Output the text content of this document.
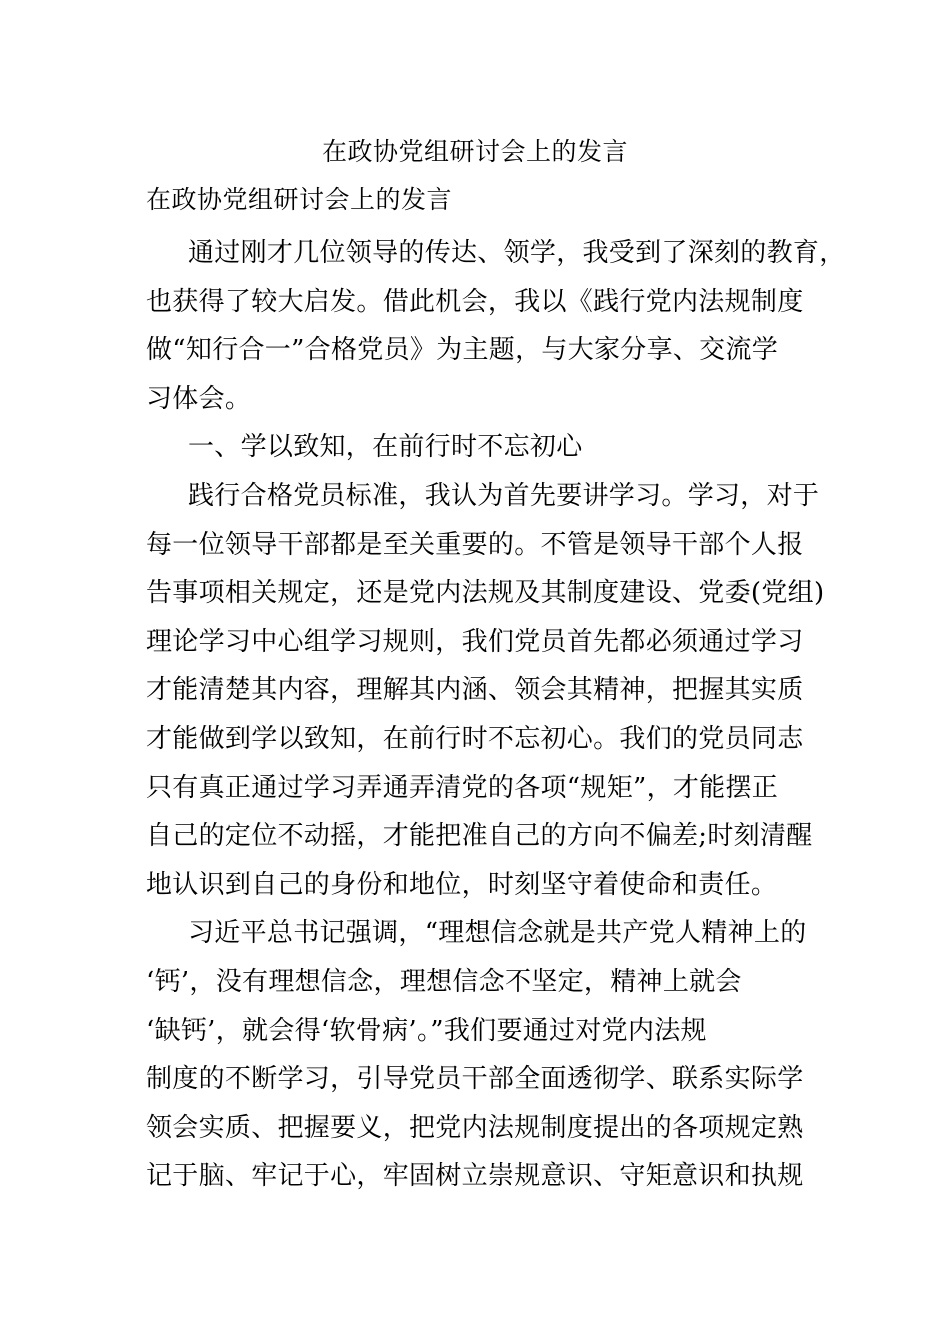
在政协党组研讨会上的发言
在政协党组研讨会上的发言
通过刚才几位领导的传达、领学，我受到了深刻的教育，
也获得了较大启发。借此机会，我以《践行党内法规制度
做“知行合一”合格党员》为主题，与大家分享、交流学
习体会。
一、学以致知，在前行时不忘初心
践行合格党员标准，我认为首先要讲学习。学习，对于
每一位领导干部都是至关重要的。不管是领导干部个人报
告事项相关规定，还是党内法规及其制度建设、党委(党组)
理论学习中心组学习规则，我们党员首先都必须通过学习
才能清楚其内容，理解其内涵、领会其精神，把握其实质
才能做到学以致知，在前行时不忘初心。我们的党员同志
只有真正通过学习弄通弄清党的各项“规矩”，才能摆正
自己的定位不动摇，才能把准自己的方向不偏差;时刻清醒
地认识到自己的身份和地位，时刻坚守着使命和责任。
习近平总书记强调，“理想信念就是共产党人精神上的
‘钙’，没有理想信念，理想信念不坚定，精神上就会
‘缺钙’，就会得‘软骨病’。”我们要通过对党内法规
制度的不断学习，引导党员干部全面透彻学、联系实际学
领会实质、把握要义，把党内法规制度提出的各项规定熟
记于脑、牢记于心，牢固树立崇规意识、守矩意识和执规
